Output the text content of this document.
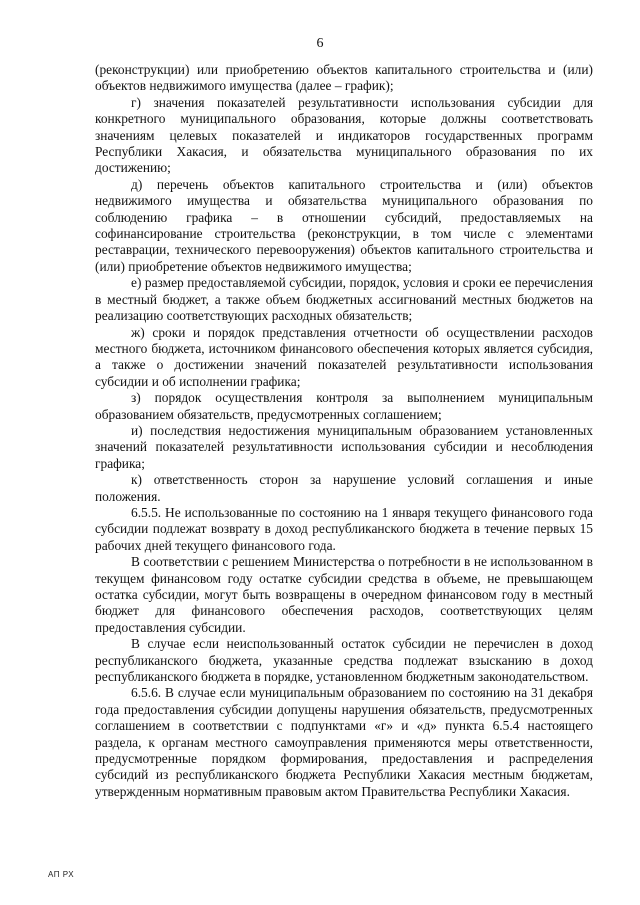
6

(реконструкции) или приобретению объектов капитального строительства и (или) объектов недвижимого имущества (далее – график);

г) значения показателей результативности использования субсидии для конкретного муниципального образования, которые должны соответствовать значениям целевых показателей и индикаторов государственных программ Республики Хакасия, и обязательства муниципального образования по их достижению;

д) перечень объектов капитального строительства и (или) объектов недвижимого имущества и обязательства муниципального образования по соблюдению графика – в отношении субсидий, предоставляемых на софинансирование строительства (реконструкции, в том числе с элементами реставрации, технического перевооружения) объектов капитального строительства и (или) приобретение объектов недвижимого имущества;

е) размер предоставляемой субсидии, порядок, условия и сроки ее перечисления в местный бюджет, а также объем бюджетных ассигнований местных бюджетов на реализацию соответствующих расходных обязательств;

ж) сроки и порядок представления отчетности об осуществлении расходов местного бюджета, источником финансового обеспечения которых является субсидия, а также о достижении значений показателей результативности использования субсидии и об исполнении графика;

з) порядок осуществления контроля за выполнением муниципальным образованием обязательств, предусмотренных соглашением;

и) последствия недостижения муниципальным образованием установленных значений показателей результативности использования субсидии и несоблюдения графика;

к) ответственность сторон за нарушение условий соглашения и иные положения.

6.5.5. Не использованные по состоянию на 1 января текущего финансового года субсидии подлежат возврату в доход республиканского бюджета в течение первых 15 рабочих дней текущего финансового года.

В соответствии с решением Министерства о потребности в не использованном в текущем финансовом году остатке субсидии средства в объеме, не превышающем остатка субсидии, могут быть возвращены в очередном финансовом году в местный бюджет для финансового обеспечения расходов, соответствующих целям предоставления субсидии.

В случае если неиспользованный остаток субсидии не перечислен в доход республиканского бюджета, указанные средства подлежат взысканию в доход республиканского бюджета в порядке, установленном бюджетным законодательством.

6.5.6. В случае если муниципальным образованием по состоянию на 31 декабря года предоставления субсидии допущены нарушения обязательств, предусмотренных соглашением в соответствии с подпунктами «г» и «д» пункта 6.5.4 настоящего раздела, к органам местного самоуправления применяются меры ответственности, предусмотренные порядком формирования, предоставления и распределения субсидий из республиканского бюджета Республики Хакасия местным бюджетам, утвержденным нормативным правовым актом Правительства Республики Хакасия.

АП РХ
